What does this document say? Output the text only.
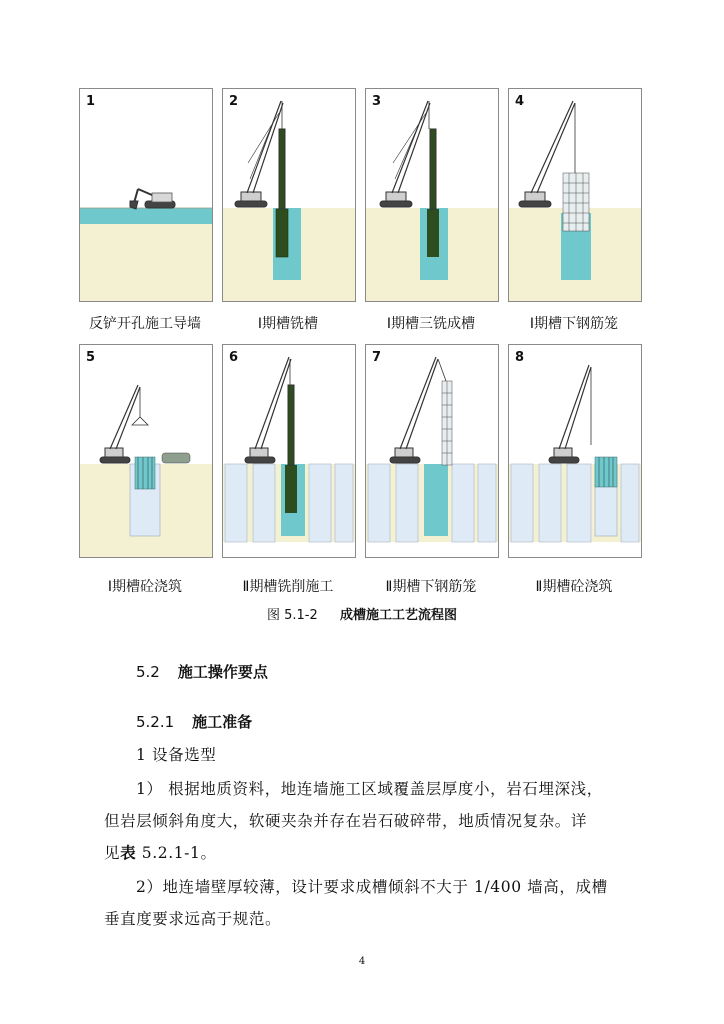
1	2	3	4
反铲开孔施工导墙	Ⅰ期槽铣槽	Ⅰ期槽三铣成槽	Ⅰ期槽下钢筋笼
5	6	7	8
Ⅰ期槽砼浇筑	Ⅱ期槽铣削施工	Ⅱ期槽下钢筋笼	Ⅱ期槽砼浇筑
图 5.1-2 成槽施工工艺流程图
5.2 施工操作要点
5.2.1 施工准备
1 设备选型
1） 根据地质资料，地连墙施工区域覆盖层厚度小，岩石埋深浅，
但岩层倾斜角度大，软硬夹杂并存在岩石破碎带，地质情况复杂。详
见表 5.2.1-1。
2）地连墙壁厚较薄，设计要求成槽倾斜不大于 1/400 墙高，成槽
垂直度要求远高于规范。
4
